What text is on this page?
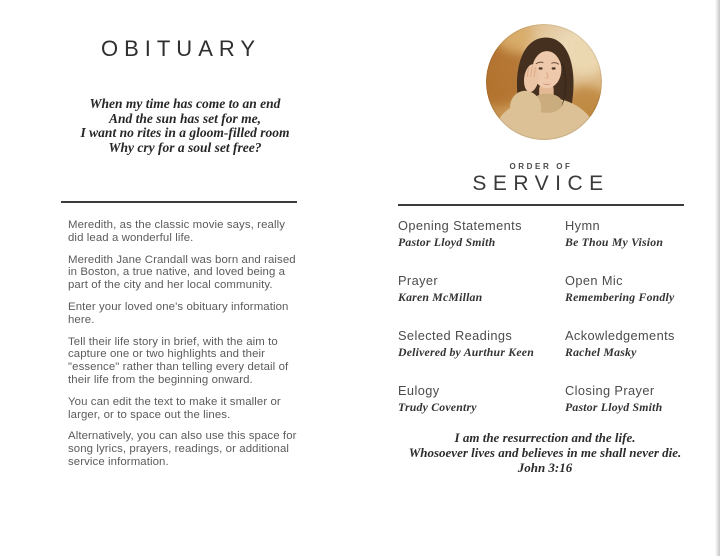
OBITUARY
When my time has come to an end
And the sun has set for me,
I want no rites in a gloom-filled room
Why cry for a soul set free?

Meredith, as the classic movie says, really did lead a wonderful life.

Meredith Jane Crandall was born and raised in Boston, a true native, and loved being a part of the city and her local community.

Enter your loved one's obituary information here.

Tell their life story in brief, with the aim to capture one or two highlights and their "essence" rather than telling every detail of their life from the beginning onward.

You can edit the text to make it smaller or larger, or to space out the lines.

Alternatively, you can also use this space for song lyrics, prayers, readings, or additional service information.

ORDER OF
SERVICE
Opening Statements
Pastor Lloyd Smith
Hymn
Be Thou My Vision
Prayer
Karen McMillan
Open Mic
Remembering Fondly
Selected Readings
Delivered by Aurthur Keen
Ackowledgements
Rachel Masky
Eulogy
Trudy Coventry
Closing Prayer
Pastor Lloyd Smith
I am the resurrection and the life.
Whosoever lives and believes in me shall never die.
John 3:16
